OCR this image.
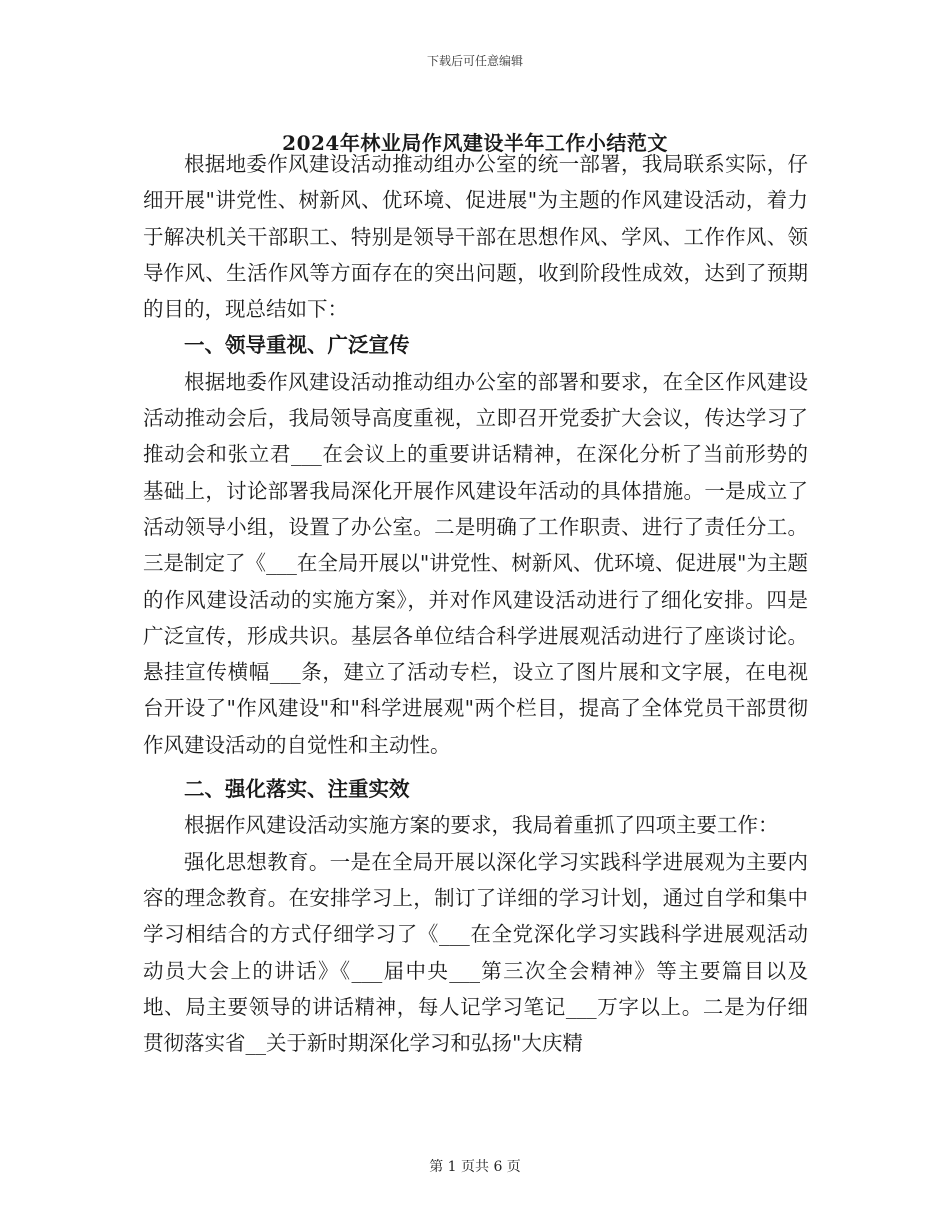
下载后可任意编辑
2024年林业局作风建设半年工作小结范文

根据地委作风建设活动推动组办公室的统一部署，我局联系实际，仔细开展"讲党性、树新风、优环境、促进展"为主题的作风建设活动，着力于解决机关干部职工、特别是领导干部在思想作风、学风、工作作风、领导作风、生活作风等方面存在的突出问题，收到阶段性成效，达到了预期的目的，现总结如下：

一、领导重视、广泛宣传

根据地委作风建设活动推动组办公室的部署和要求，在全区作风建设活动推动会后，我局领导高度重视，立即召开党委扩大会议，传达学习了推动会和张立君___在会议上的重要讲话精神，在深化分析了当前形势的基础上，讨论部署我局深化开展作风建设年活动的具体措施。一是成立了活动领导小组，设置了办公室。二是明确了工作职责、进行了责任分工。三是制定了《___在全局开展以"讲党性、树新风、优环境、促进展"为主题的作风建设活动的实施方案》，并对作风建设活动进行了细化安排。四是广泛宣传，形成共识。基层各单位结合科学进展观活动进行了座谈讨论。悬挂宣传横幅___条，建立了活动专栏，设立了图片展和文字展，在电视台开设了"作风建设"和"科学进展观"两个栏目，提高了全体党员干部贯彻作风建设活动的自觉性和主动性。

二、强化落实、注重实效

根据作风建设活动实施方案的要求，我局着重抓了四项主要工作：

强化思想教育。一是在全局开展以深化学习实践科学进展观为主要内容的理念教育。在安排学习上，制订了详细的学习计划，通过自学和集中学习相结合的方式仔细学习了《___在全党深化学习实践科学进展观活动动员大会上的讲话》《___届中央___第三次全会精神》等主要篇目以及地、局主要领导的讲话精神，每人记学习笔记___万字以上。二是为仔细贯彻落实省__关于新时期深化学习和弘扬"大庆精

第 1 页共 6 页
